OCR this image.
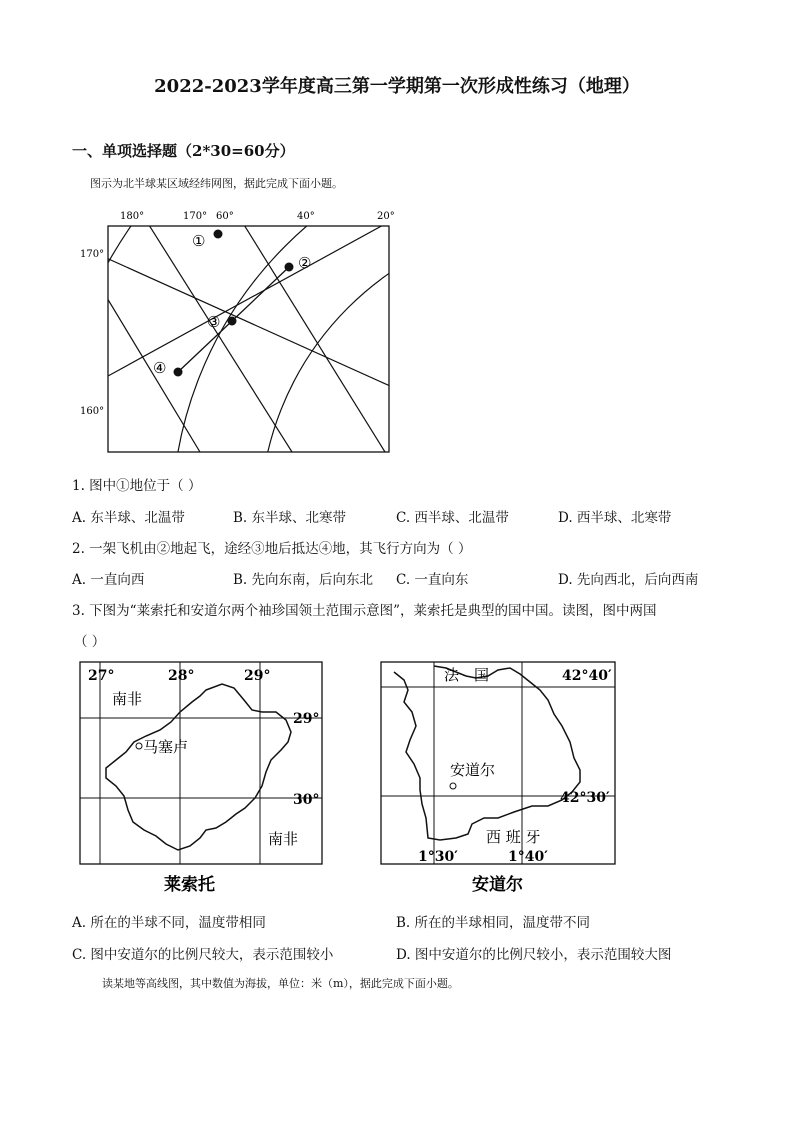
2022-2023学年度高三第一学期第一次形成性练习（地理）
一、单项选择题（2*30=60分）
图示为北半球某区域经纬网图，据此完成下面小题。
180°	170° 60°	40°	20°
170°
160°
①
②
③
④
1. 图中①地位于（ ）
A. 东半球、北温带	B. 东半球、北寒带	C. 西半球、北温带	D. 西半球、北寒带
2. 一架飞机由②地起飞，途经③地后抵达④地，其飞行方向为（ ）
A. 一直向西	B. 先向东南，后向东北 C. 一直向东	D. 先向西北，后向西南
3. 下图为“莱索托和安道尔两个袖珍国领土范围示意图”，莱索托是典型的国中国。读图，图中两国
（ ）
27°	28°	29°
29°
30°
南非
马塞卢
南非
莱索托
法　国
安道尔
西 班 牙
42°40′
42°30′
1°30′	1°40′
安道尔
A. 所在的半球不同，温度带相同	B. 所在的半球相同，温度带不同
C. 图中安道尔的比例尺较大，表示范围较小	D. 图中安道尔的比例尺较小，表示范围较大图
读某地等高线图，其中数值为海拔，单位：米（m），据此完成下面小题。
